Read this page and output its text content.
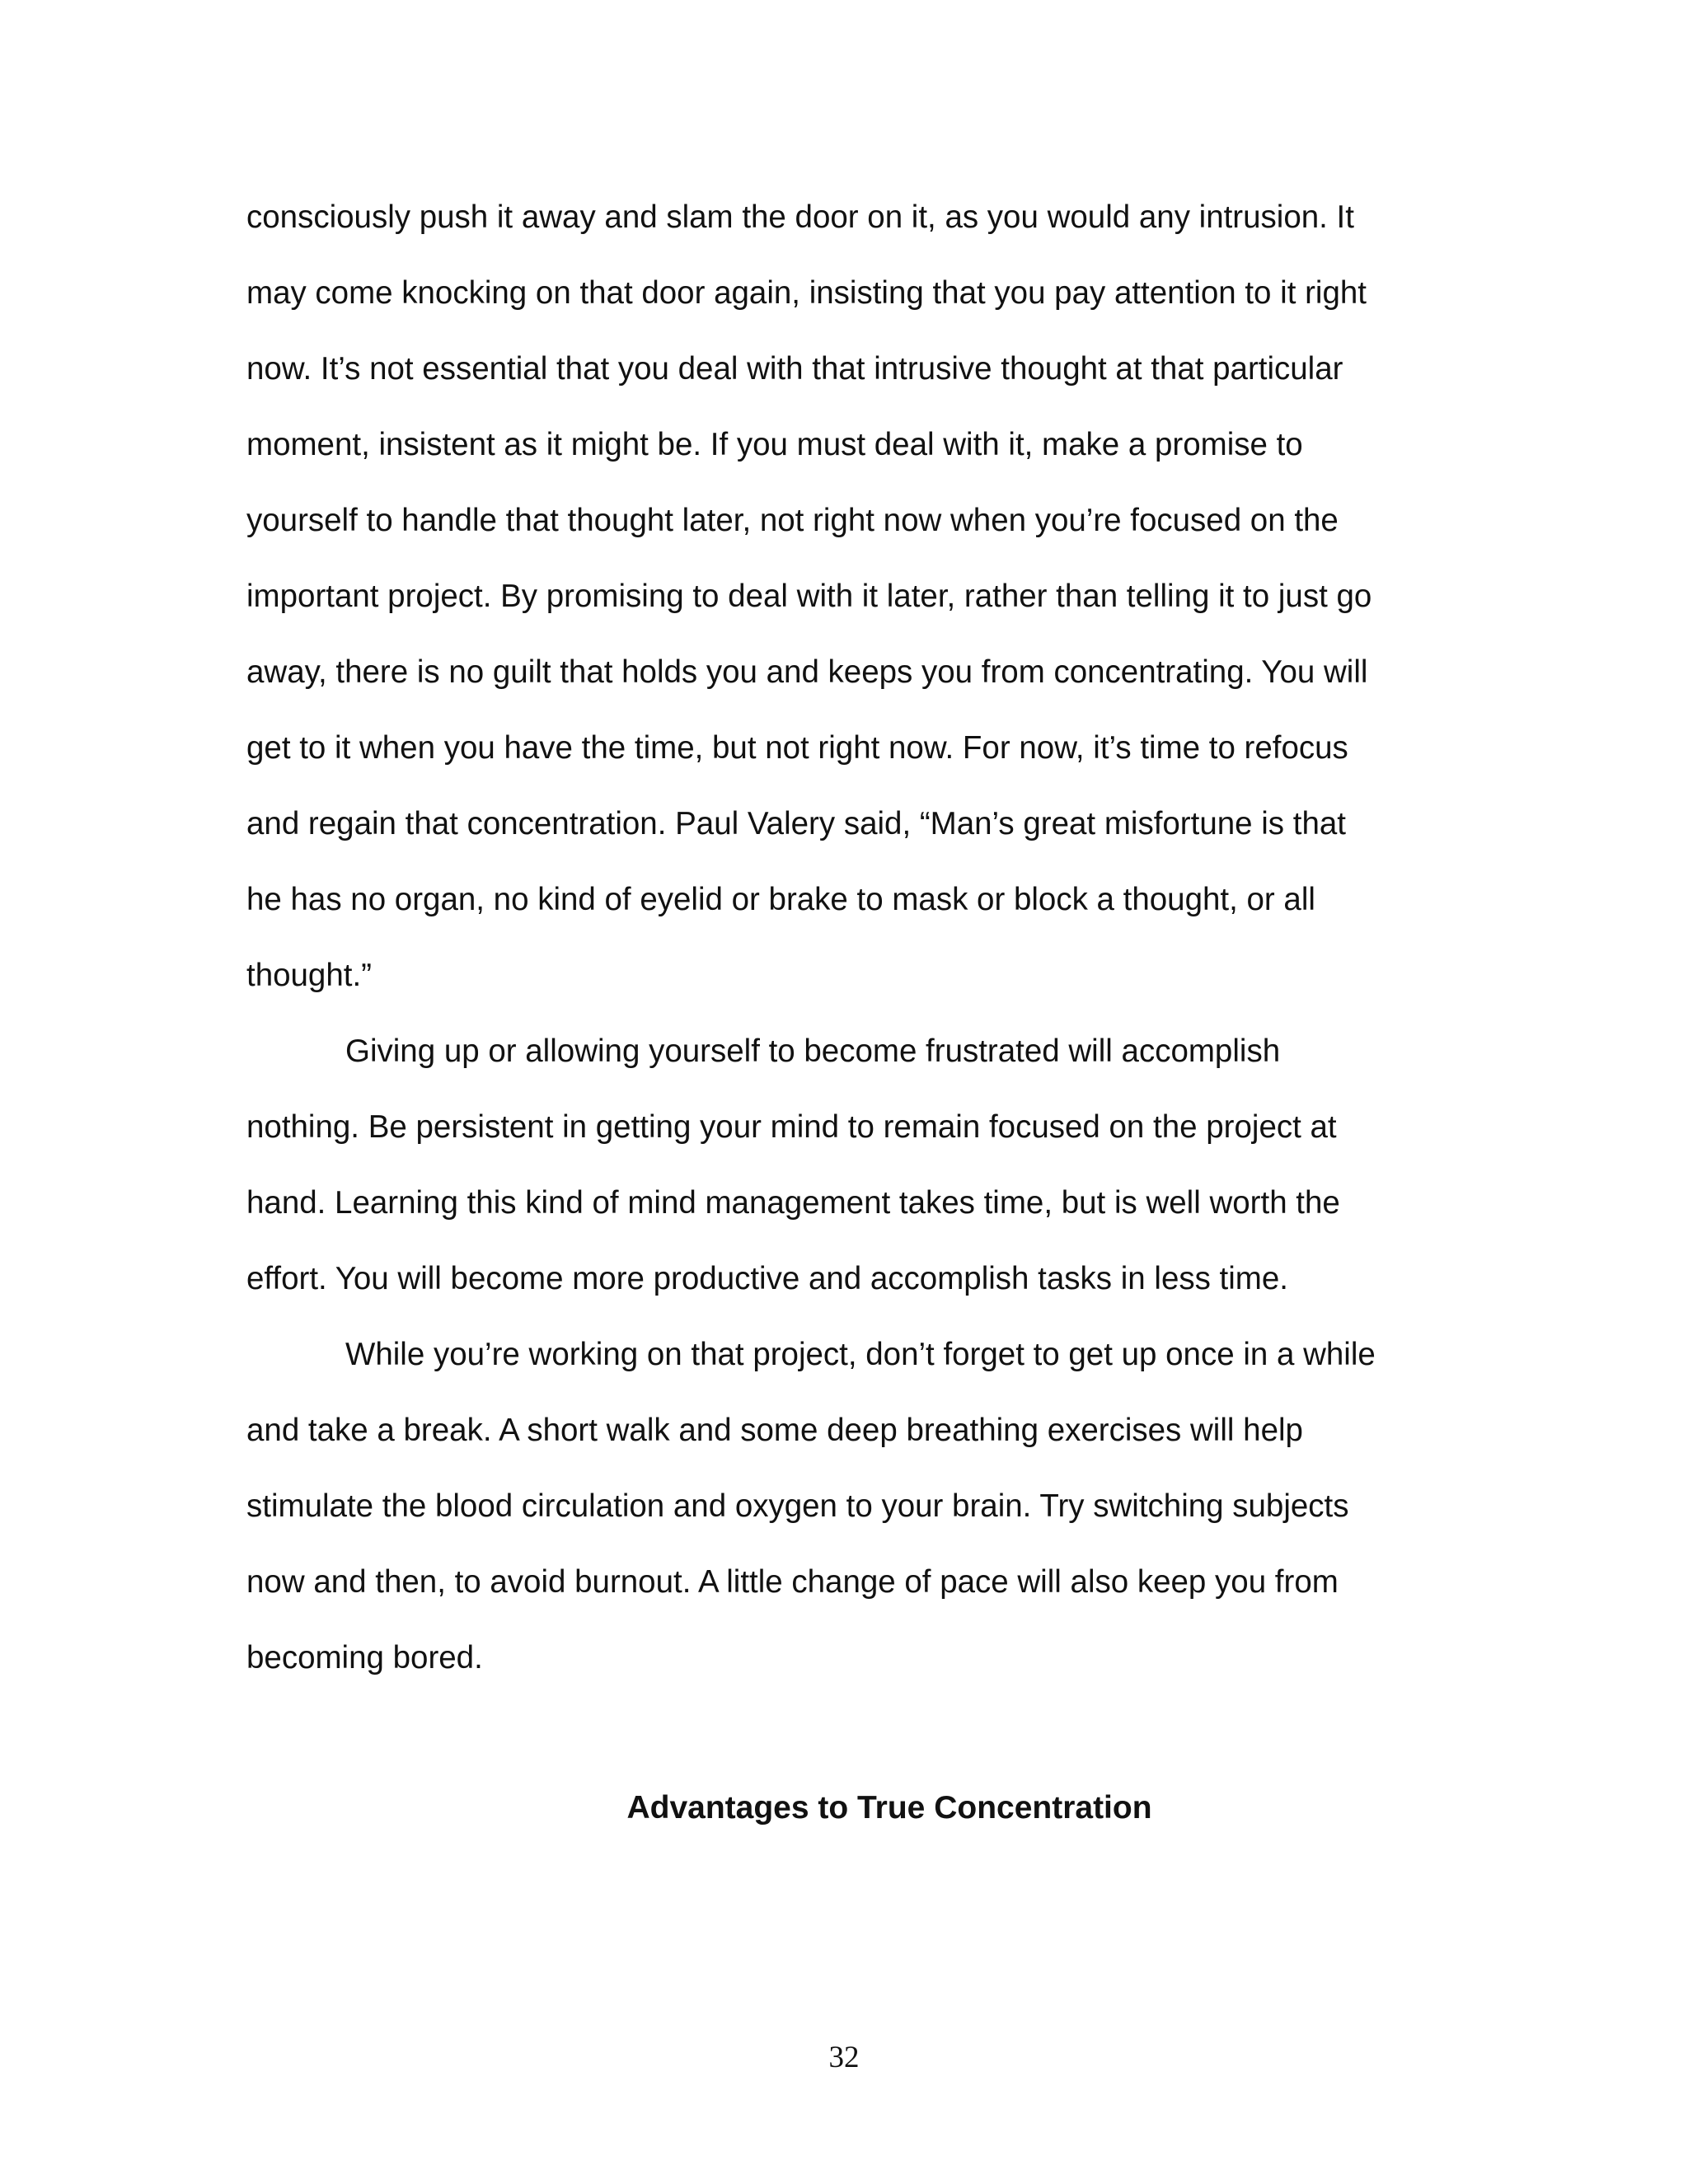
consciously push it away and slam the door on it, as you would any intrusion. It

may come knocking on that door again, insisting that you pay attention to it right

now. It’s not essential that you deal with that intrusive thought at that particular

moment, insistent as it might be. If you must deal with it, make a promise to

yourself to handle that thought later, not right now when you’re focused on the

important project. By promising to deal with it later, rather than telling it to just go

away, there is no guilt that holds you and keeps you from concentrating. You will

get to it when you have the time, but not right now. For now, it’s time to refocus

and regain that concentration. Paul Valery said, “Man’s great misfortune is that

he has no organ, no kind of eyelid or brake to mask or block a thought, or all

thought.”

Giving up or allowing yourself to become frustrated will accomplish

nothing. Be persistent in getting your mind to remain focused on the project at

hand. Learning this kind of mind management takes time, but is well worth the

effort. You will become more productive and accomplish tasks in less time.

While you’re working on that project, don’t forget to get up once in a while

and take a break. A short walk and some deep breathing exercises will help

stimulate the blood circulation and oxygen to your brain. Try switching subjects

now and then, to avoid burnout. A little change of pace will also keep you from

becoming bored.

Advantages to True Concentration
32
